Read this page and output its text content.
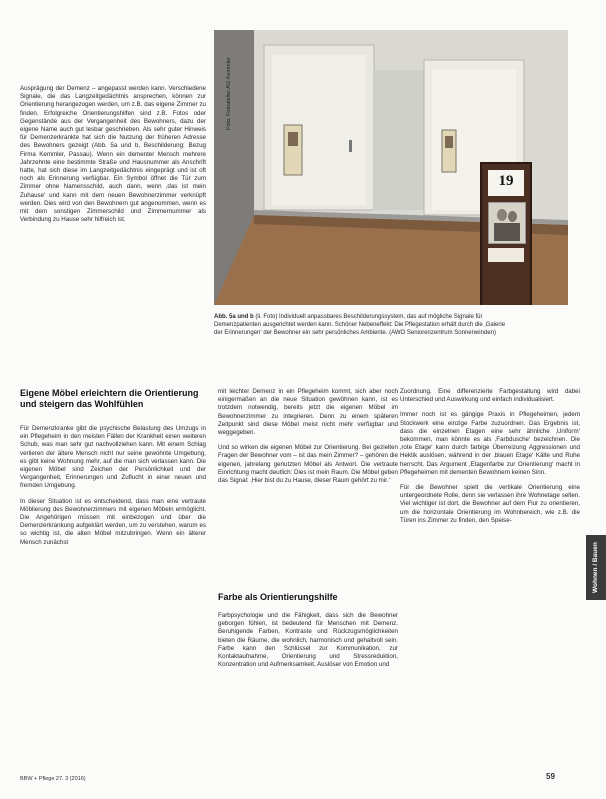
Ausprägung der Demenz – angepasst werden kann. Verschiedene Signale, die das Langzeitgedächtnis ansprechen, können zur Orientierung herangezogen werden, um z.B. das eigene Zimmer zu finden. Erfolgreiche Orientierungshilfen sind z.B. Fotos oder Gegenstände aus der Vergangenheit des Bewohners, dazu der eigene Name auch gut lesbar geschrieben. Als sehr guter Hinweis für Demenzerkrankte hat sich die Nutzung der früheren Adresse des Bewohners gezeigt (Abb. 5a und b, Beschilderung: Bezug Firma Kemmler, Passau). Wenn ein dementer Mensch mehrere Jahrzehnte eine bestimmte Straße und Hausnummer als Anschrift hatte, hat sich diese im Langzeitgedächtnis eingeprägt und ist oft noch als Erinnerung verfügbar. Ein Symbol öffnet die Tür zum Zimmer ohne Namensschild, auch dann, wenn ‚das ist mein Zuhause‘ und kann mit dem neuen Bewohnerzimmer verknüpft werden. Dies wird von den Bewohnern gut angenommen, wenn es mit dem sonstigen Zimmerschild und Zimmernummer als Verbindung zu Hause sehr hilfreich ist.

Eigene Möbel erleichtern die Orientierung und steigern das Wohlfühlen

Für Demenzkranke gibt die psychische Belastung des Umzugs in ein Pflegeheim in den meisten Fällen der Krankheit einen weiteren Schub, was man sehr gut nachvollziehen kann. Mit einem Schlag verlieren der ältere Mensch nicht nur seine gewohnte Umgebung, es gibt keine Wohnung mehr, auf die man sich verlassen kann. Die eigenen Möbel sind Zeichen der Persönlichkeit und der Vergangenheit, Erinnerungen und Zuflucht in einer neuen und fremden Umgebung.

In dieser Situation ist es entscheidend, dass man eine vertraute Möblierung des Bewohnerzimmers mit eigenen Möbeln ermöglicht. Die Angehörigen müssen mit einbezogen und über die Demenzerkrankung aufgeklärt werden, um zu verstehen, warum es so wichtig ist, die alten Möbel mitzubringen. Wenn ein älterer Mensch zunächst

19
Foto: Fotoatelier AG Kemmler
Abb. 5a und b (li. Foto) Individuell anpassbares Beschilderungssystem, das auf mögliche Signale für Demenzpatienten ausgerichtet werden kann. Schöner Nebeneffekt: Die Pflegestation erhält durch die ‚Galerie der Erinnerungen‘ der Bewohner ein sehr persönliches Ambiente. (AWO Seniorenzentrum Sonnenwinden)

mit leichter Demenz in ein Pflegeheim kommt, sich aber noch einigermaßen an die neue Situation gewöhnen kann, ist es trotzdem notwendig, bereits jetzt die eigenen Möbel im Bewohnerzimmer zu integrieren. Denn zu einem späteren Zeitpunkt sind diese Möbel meist nicht mehr verfügbar und weggegeben.

Und so wirken die eigenen Möbel zur Orientierung. Bei gezielten Fragen der Bewohner vom – ist das mein Zimmer? – gehören die eigenen, jahrelang genutzten Möbel als Antwort. Die vertraute Einrichtung macht deutlich: Dies ist mein Raum. Die Möbel geben das Signal: ‚Hier bist du zu Hause, dieser Raum gehört zu mir.‘

Farbe als Orientierungshilfe

Farbpsychologie und die Fähigkeit, dass sich die Bewohner geborgen fühlen, ist bedeutend für Menschen mit Demenz. Beruhigende Farben, Kontraste und Rückzugsmöglichkeiten bieten die Räume, die wohnlich, harmonisch und gehaltvoll sein. Farbe kann den Schlüssel zur Kommunikation, zur Kontaktaufnahme, Orientierung und Stressreduktion, Konzentration und Aufmerksamkeit, Auslöser von Emotion und

Zuordnung. Eine differenzierte Farbgestaltung wird dabei Unterschied und Auswirkung und einfach individualisiert.

Immer noch ist es gängige Praxis in Pflegeheimen, jedem Stockwerk eine einzige Farbe zuzuordnen. Das Ergebnis ist, dass die einzelnen Etagen eine sehr ähnliche ‚Uniform‘ bekommen, man könnte es als ‚Farbdusche‘ bezeichnen. Die ‚rote Etage‘ kann durch farbige Überreizung Aggressionen und Hektik auslösen, während in der ‚blauen Etage‘ Kälte und Ruhe herrscht. Das Argument ‚Etagenfarbe zur Orientierung‘ macht in Pflegeheimen mit dementen Bewohnern keinen Sinn.

Für die Bewohner spielt die vertikale Orientierung eine untergeordnete Rolle, denn sie verlassen ihre Wohnetage selten. Viel wichtiger ist dort, die Bewohner auf dem Flur zu orientieren, um die horizontale Orientierung im Wohnbereich, wie z.B. die Türen ins Zimmer zu finden, den Speise-

Wohnen / Bauen
BBW + Pflege 27. 3 (2016)	59
